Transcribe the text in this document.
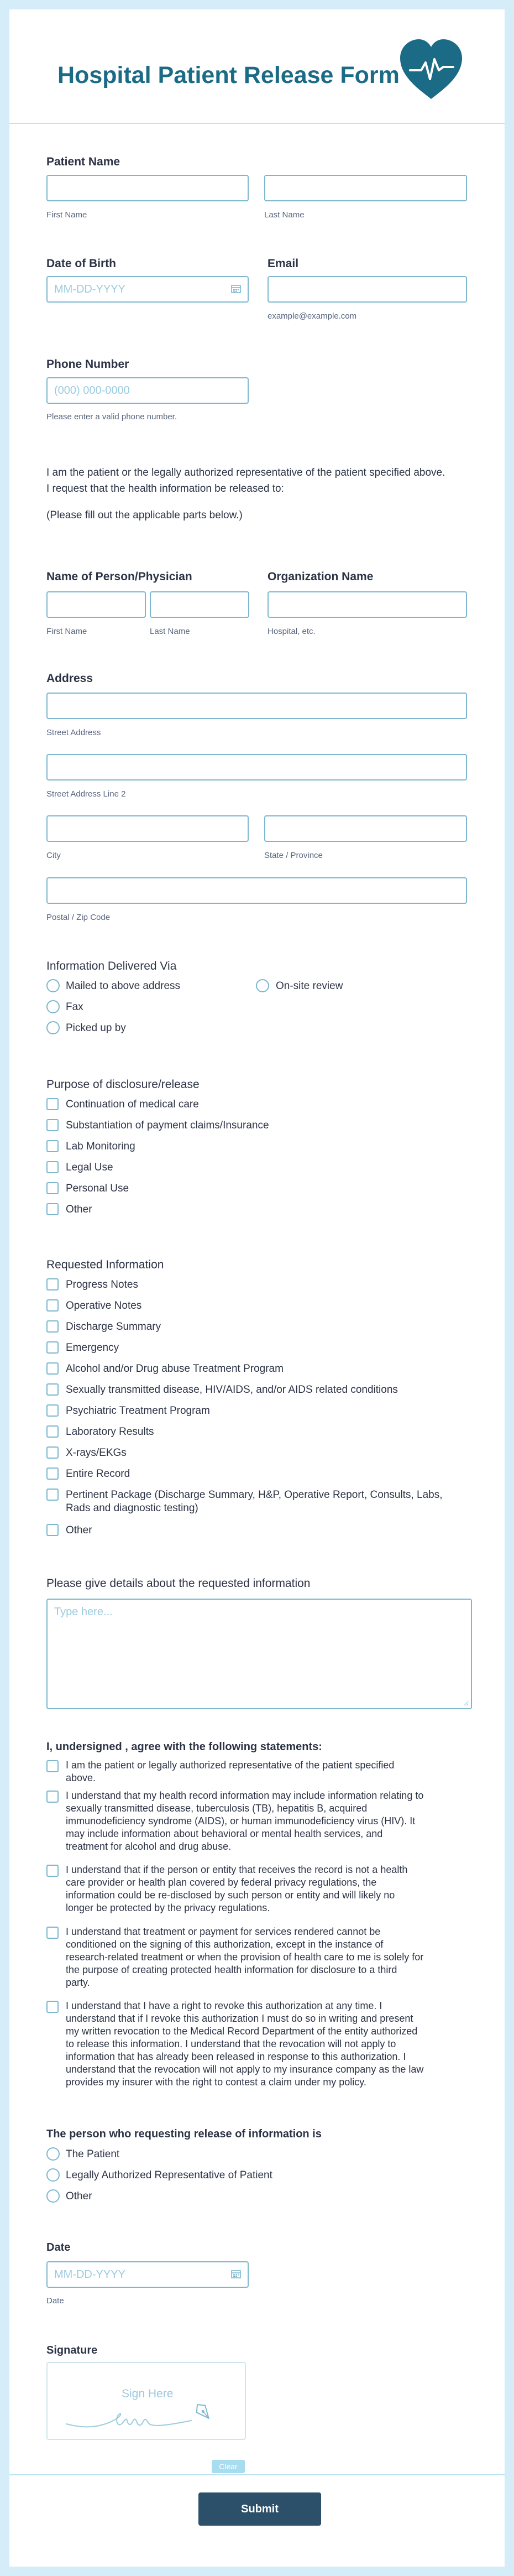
Hospital Patient Release Form
Patient Name
First Name	Last Name
Date of Birth	Email
MM-DD-YYYY
example@example.com
Phone Number
(000) 000-0000
Please enter a valid phone number.
I am the patient or the legally authorized representative of the patient specified above.
I request that the health information be released to:
(Please fill out the applicable parts below.)
Name of Person/Physician	Organization Name
First Name	Last Name	Hospital, etc.
Address
Street Address
Street Address Line 2
City	State / Province
Postal / Zip Code
Information Delivered Via
Mailed to above address	On-site review
Fax
Picked up by
Purpose of disclosure/release
Continuation of medical care
Substantiation of payment claims/Insurance
Lab Monitoring
Legal Use
Personal Use
Other
Requested Information
Progress Notes
Operative Notes
Discharge Summary
Emergency
Alcohol and/or Drug abuse Treatment Program
Sexually transmitted disease, HIV/AIDS, and/or AIDS related conditions
Psychiatric Treatment Program
Laboratory Results
X-rays/EKGs
Entire Record
Pertinent Package (Discharge Summary, H&P, Operative Report, Consults, Labs,
Rads and diagnostic testing)
Other
Please give details about the requested information
Type here...
I, undersigned , agree with the following statements:
I am the patient or legally authorized representative of the patient specified
above.
I understand that my health record information may include information relating to
sexually transmitted disease, tuberculosis (TB), hepatitis B, acquired
immunodeficiency syndrome (AIDS), or human immunodeficiency virus (HIV). It
may include information about behavioral or mental health services, and
treatment for alcohol and drug abuse.
I understand that if the person or entity that receives the record is not a health
care provider or health plan covered by federal privacy regulations, the
information could be re-disclosed by such person or entity and will likely no
longer be protected by the privacy regulations.
I understand that treatment or payment for services rendered cannot be
conditioned on the signing of this authorization, except in the instance of
research-related treatment or when the provision of health care to me is solely for
the purpose of creating protected health information for disclosure to a third
party.
I understand that I have a right to revoke this authorization at any time. I
understand that if I revoke this authorization I must do so in writing and present
my written revocation to the Medical Record Department of the entity authorized
to release this information. I understand that the revocation will not apply to
information that has already been released in response to this authorization. I
understand that the revocation will not apply to my insurance company as the law
provides my insurer with the right to contest a claim under my policy.
The person who requesting release of information is
The Patient
Legally Authorized Representative of Patient
Other
Date
MM-DD-YYYY
Date
Signature
Sign Here
Clear
Submit
